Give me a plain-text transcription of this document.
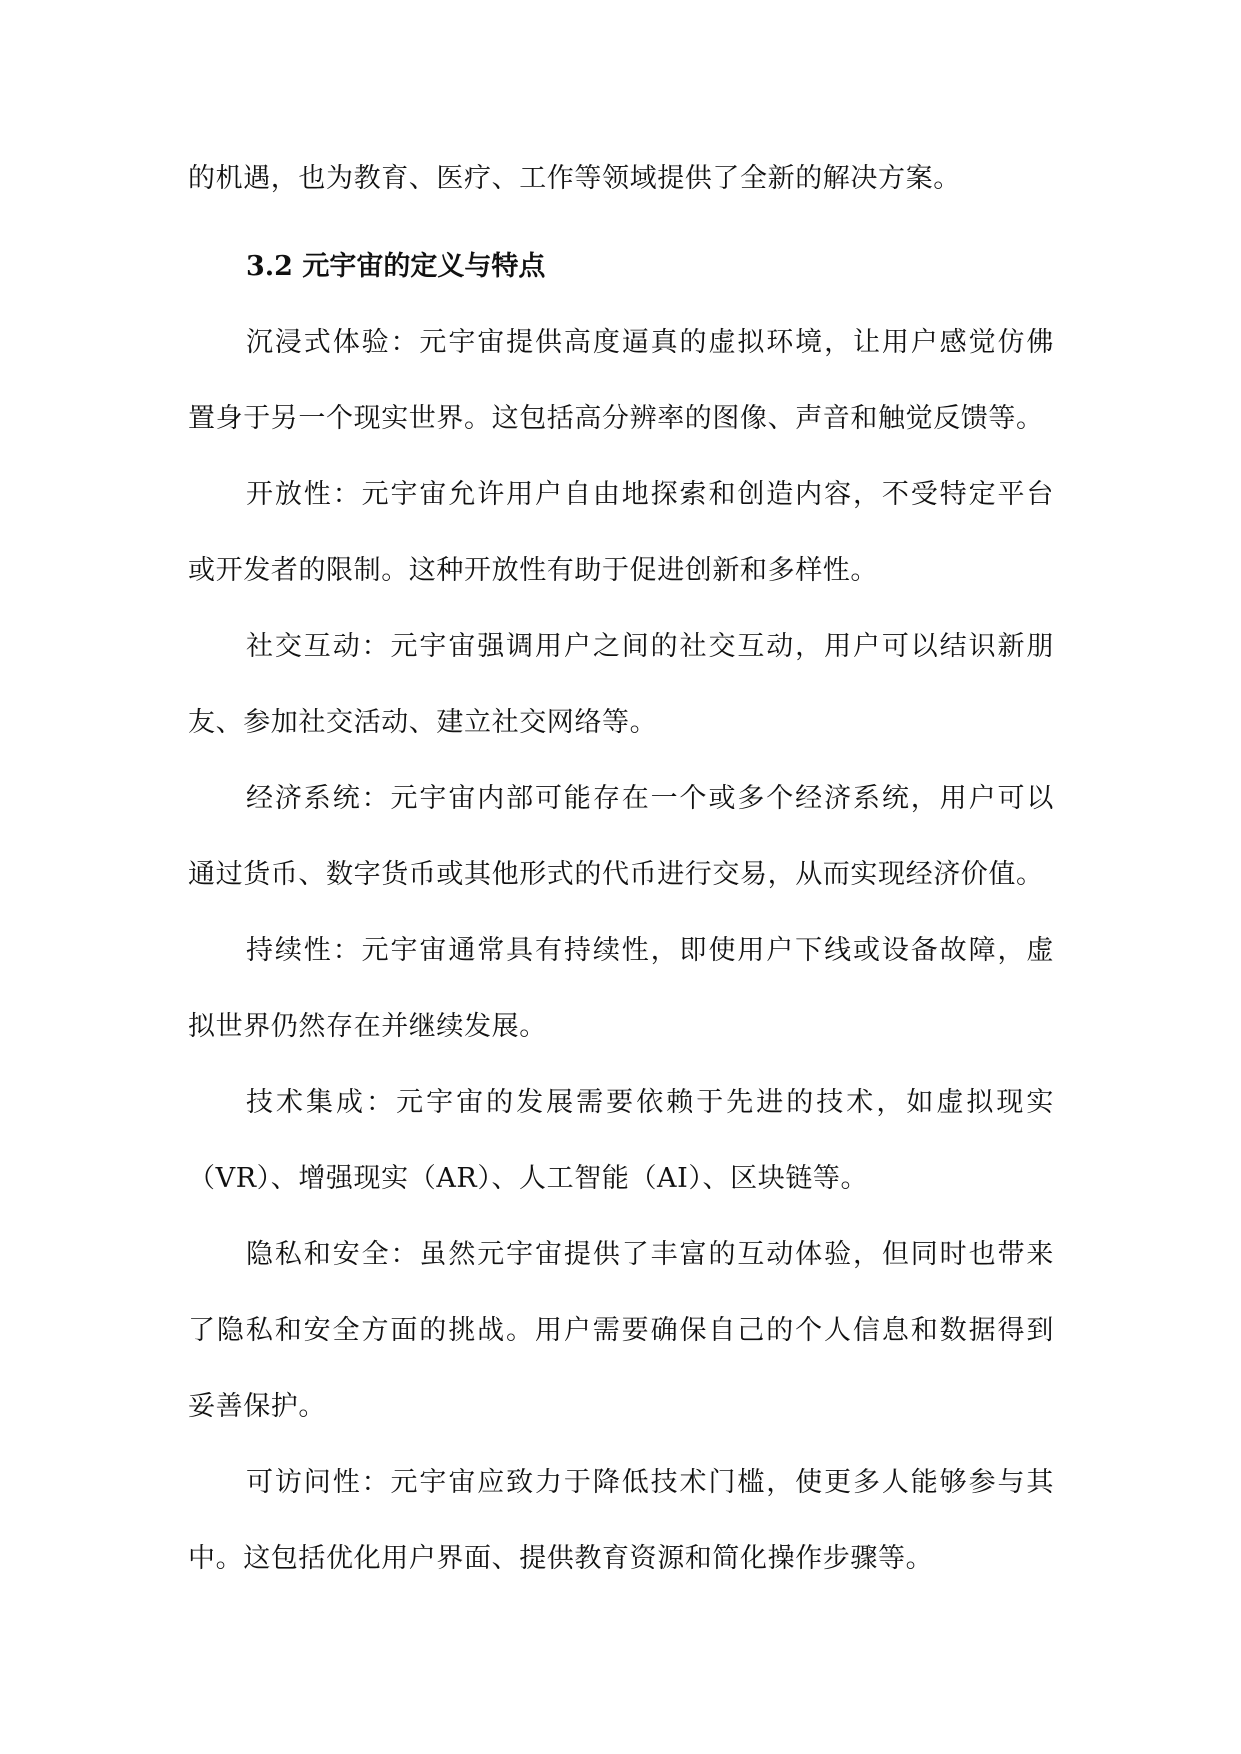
的机遇，也为教育、医疗、工作等领域提供了全新的解决方案。

3.2 元宇宙的定义与特点

沉浸式体验：元宇宙提供高度逼真的虚拟环境，让用户感觉仿佛

置身于另一个现实世界。这包括高分辨率的图像、声音和触觉反馈等。

开放性：元宇宙允许用户自由地探索和创造内容，不受特定平台

或开发者的限制。这种开放性有助于促进创新和多样性。

社交互动：元宇宙强调用户之间的社交互动，用户可以结识新朋

友、参加社交活动、建立社交网络等。

经济系统：元宇宙内部可能存在一个或多个经济系统，用户可以

通过货币、数字货币或其他形式的代币进行交易，从而实现经济价值。

持续性：元宇宙通常具有持续性，即使用户下线或设备故障，虚

拟世界仍然存在并继续发展。

技术集成：元宇宙的发展需要依赖于先进的技术，如虚拟现实

（VR）、增强现实（AR）、人工智能（AI）、区块链等。

隐私和安全：虽然元宇宙提供了丰富的互动体验，但同时也带来

了隐私和安全方面的挑战。用户需要确保自己的个人信息和数据得到

妥善保护。

可访问性：元宇宙应致力于降低技术门槛，使更多人能够参与其

中。这包括优化用户界面、提供教育资源和简化操作步骤等。
